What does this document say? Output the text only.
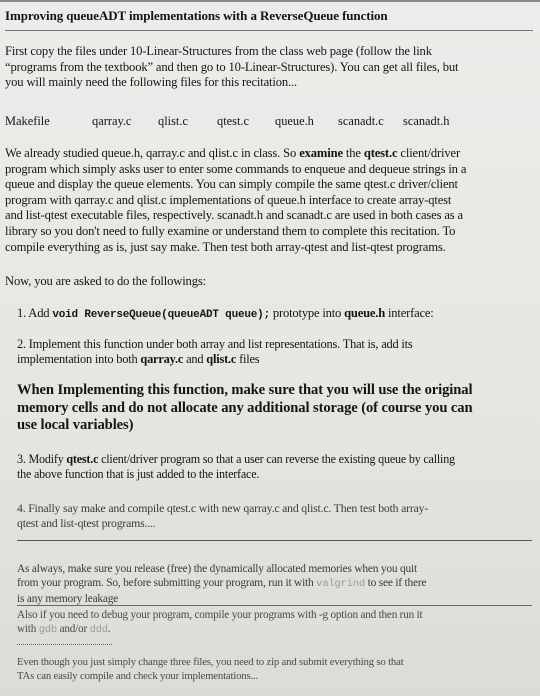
Improving queueADT implementations with a ReverseQueue function
First copy the files under 10-Linear-Structures from the class web page (follow the link
“programs from the textbook” and then go to 10-Linear-Structures). You can get all files, but
you will mainly need the following files for this recitation...
Makefile	qarray.c qlist.c qtest.c queue.h scanadt.c scanadt.h
We already studied queue.h, qarray.c and qlist.c in class. So examine the qtest.c client/driver
program which simply asks user to enter some commands to enqueue and dequeue strings in a
queue and display the queue elements. You can simply compile the same qtest.c driver/client
program with qarray.c and qlist.c implementations of queue.h interface to create array-qtest
and list-qtest executable files, respectively. scanadt.h and scanadt.c are used in both cases as a
library so you don't need to fully examine or understand them to complete this recitation. To
compile everything as is, just say make. Then test both array-qtest and list-qtest programs.
Now, you are asked to do the followings:
1. Add void ReverseQueue(queueADT queue); prototype into queue.h interface:
2. Implement this function under both array and list representations. That is, add its
implementation into both qarray.c and qlist.c files
When Implementing this function, make sure that you will use the original
memory cells and do not allocate any additional storage (of course you can
use local variables)
3. Modify qtest.c client/driver program so that a user can reverse the existing queue by calling
the above function that is just added to the interface.
4. Finally say make and compile qtest.c with new qarray.c and qlist.c. Then test both array-
qtest and list-qtest programs....
As always, make sure you release (free) the dynamically allocated memories when you quit
from your program. So, before submitting your program, run it with valgrind to see if there
is any memory leakage
Also if you need to debug your program, compile your programs with -g option and then run it
with gdb and/or ddd.
Even though you just simply change three files, you need to zip and submit everything so that
TAs can easily compile and check your implementations...
